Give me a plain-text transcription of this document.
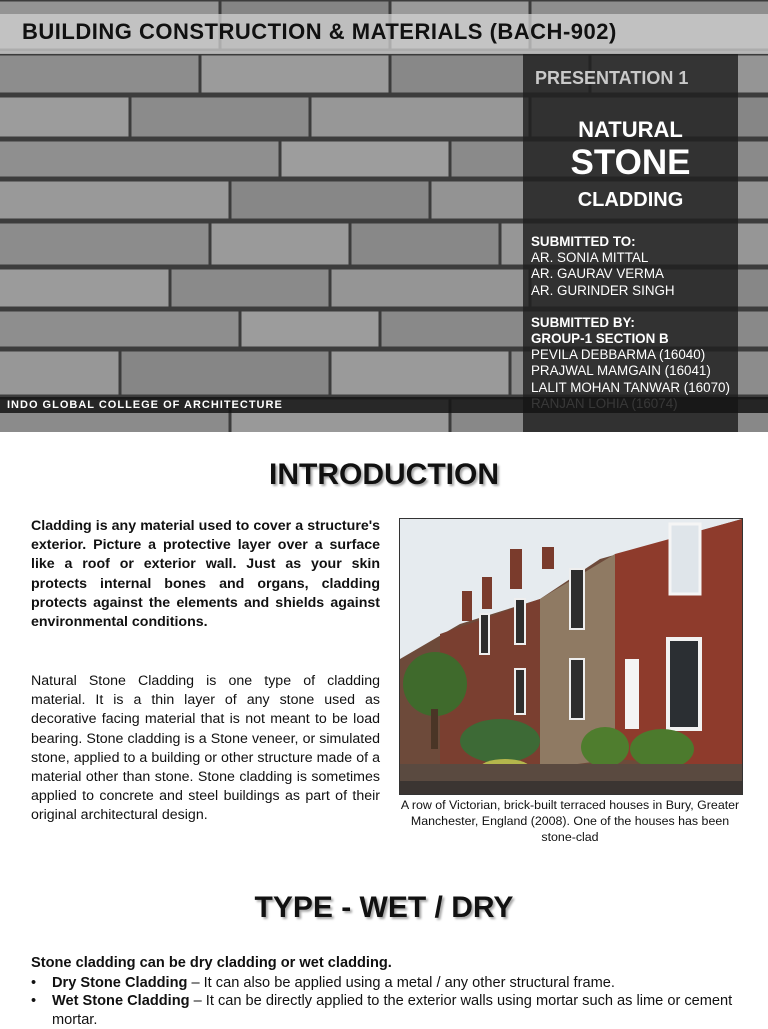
BUILDING CONSTRUCTION & MATERIALS (BACH-902)
PRESENTATION 1
NATURAL
STONE
CLADDING
SUBMITTED TO:
AR. SONIA MITTAL
AR. GAURAV VERMA
AR. GURINDER SINGH
SUBMITTED BY:
GROUP-1 SECTION B
PEVILA DEBBARMA (16040)
PRAJWAL MAMGAIN (16041)
LALIT MOHAN TANWAR (16070)
INDO GLOBAL COLLEGE OF ARCHITECTURE
INTRODUCTION
Cladding is any material used to cover a structure's exterior. Picture a protective layer over a surface like a roof or exterior wall. Just as your skin protects internal bones and organs, cladding protects against the elements and shields against environmental conditions.
Natural Stone Cladding is one type of cladding material. It is a thin layer of any stone used as decorative facing material that is not meant to be load bearing. Stone cladding is a Stone veneer, or simulated stone, applied to a building or other structure made of a material other than stone. Stone cladding is sometimes applied to concrete and steel buildings as part of their original architectural design.
A row of Victorian, brick-built terraced houses in Bury, Greater Manchester, England (2008). One of the houses has been stone-clad
TYPE - WET / DRY
Stone cladding can be dry cladding or wet cladding.
• Dry Stone Cladding – It can also be applied using a metal / any other structural frame.
• Wet Stone Cladding – It can be directly applied to the exterior walls using mortar such as lime or cement mortar.
